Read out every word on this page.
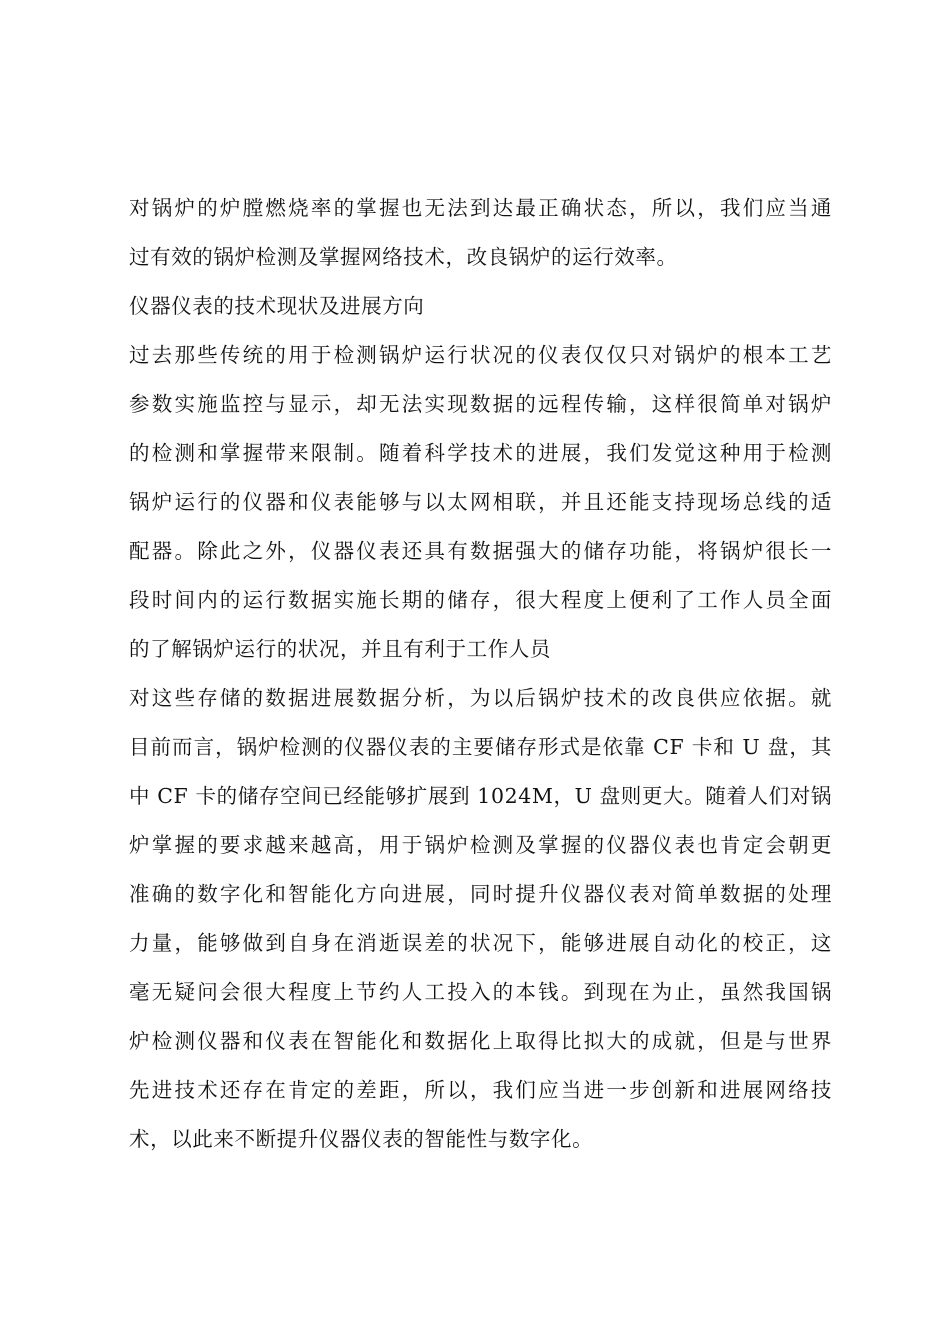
对锅炉的炉膛燃烧率的掌握也无法到达最正确状态，所以，我们应当通
过有效的锅炉检测及掌握网络技术，改良锅炉的运行效率。
仪器仪表的技术现状及进展方向
过去那些传统的用于检测锅炉运行状况的仪表仅仅只对锅炉的根本工艺
参数实施监控与显示，却无法实现数据的远程传输，这样很简单对锅炉
的检测和掌握带来限制。随着科学技术的进展，我们发觉这种用于检测
锅炉运行的仪器和仪表能够与以太网相联，并且还能支持现场总线的适
配器。除此之外，仪器仪表还具有数据强大的储存功能，将锅炉很长一
段时间内的运行数据实施长期的储存，很大程度上便利了工作人员全面
的了解锅炉运行的状况，并且有利于工作人员
对这些存储的数据进展数据分析，为以后锅炉技术的改良供应依据。就
目前而言，锅炉检测的仪器仪表的主要储存形式是依靠 CF 卡和 U 盘，其
中 CF 卡的储存空间已经能够扩展到 1024M，U 盘则更大。随着人们对锅
炉掌握的要求越来越高，用于锅炉检测及掌握的仪器仪表也肯定会朝更
准确的数字化和智能化方向进展，同时提升仪器仪表对简单数据的处理
力量，能够做到自身在消逝误差的状况下，能够进展自动化的校正，这
毫无疑问会很大程度上节约人工投入的本钱。到现在为止，虽然我国锅
炉检测仪器和仪表在智能化和数据化上取得比拟大的成就，但是与世界
先进技术还存在肯定的差距，所以，我们应当进一步创新和进展网络技
术，以此来不断提升仪器仪表的智能性与数字化。
